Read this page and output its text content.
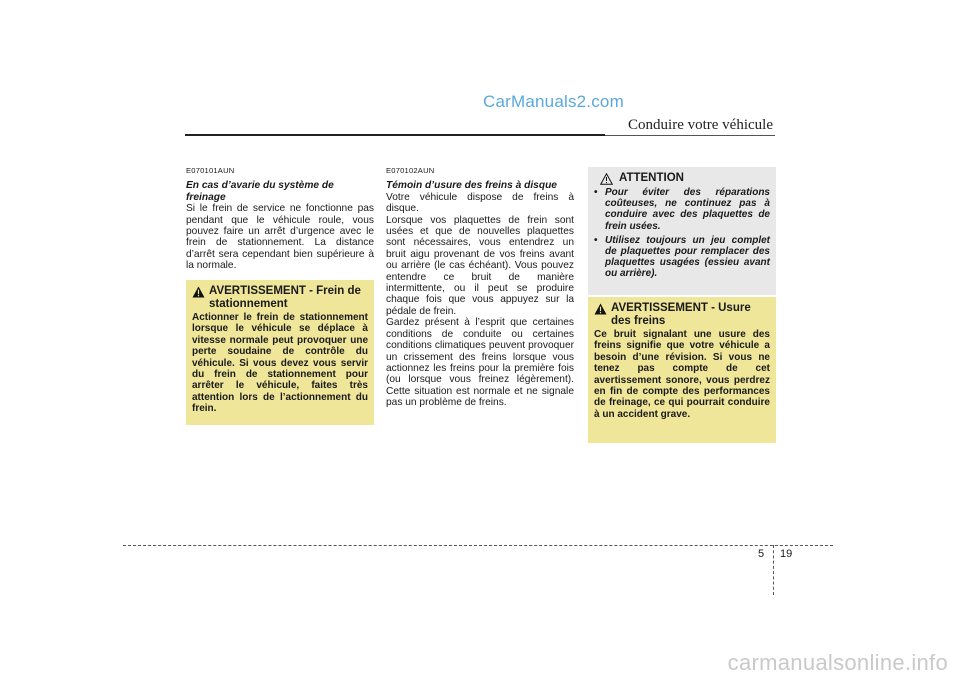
CarManuals2.com
Conduire votre véhicule
E070101AUN
En cas d’avarie du système de freinage
Si le frein de service ne fonctionne pas pendant que le véhicule roule, vous pouvez faire un arrêt d’urgence avec le frein de stationnement. La distance d’arrêt sera cependant bien supérieure à la normale.
AVERTISSEMENT - Frein de stationnement
Actionner le frein de stationnement lorsque le véhicule se déplace à vitesse normale peut provoquer une perte soudaine de contrôle du véhicule. Si vous devez vous servir du frein de stationnement pour arrêter le véhicule, faites très attention lors de l’actionnement du frein.
E070102AUN
Témoin d’usure des freins à disque

Votre véhicule dispose de freins à disque.

Lorsque vos plaquettes de frein sont usées et que de nouvelles plaquettes sont nécessaires, vous entendrez un bruit aigu provenant de vos freins avant ou arrière (le cas échéant). Vous pouvez entendre ce bruit de manière intermittente, ou il peut se produire chaque fois que vous appuyez sur la pédale de frein.

Gardez présent à l’esprit que certaines conditions de conduite ou certaines conditions climatiques peuvent provoquer un crissement des freins lorsque vous actionnez les freins pour la première fois (ou lorsque vous freinez légèrement). Cette situation est normale et ne signale pas un problème de freins.

ATTENTION
• Pour éviter des réparations coûteuses, ne continuez pas à conduire avec des plaquettes de frein usées.
• Utilisez toujours un jeu complet de plaquettes pour remplacer des plaquettes usagées (essieu avant ou arrière).
AVERTISSEMENT - Usure des freins
Ce bruit signalant une usure des freins signifie que votre véhicule a besoin d’une révision. Si vous ne tenez pas compte de cet avertissement sonore, vous perdrez en fin de compte des performances de freinage, ce qui pourrait conduire à un accident grave.
5 19
carmanualsonline.info
